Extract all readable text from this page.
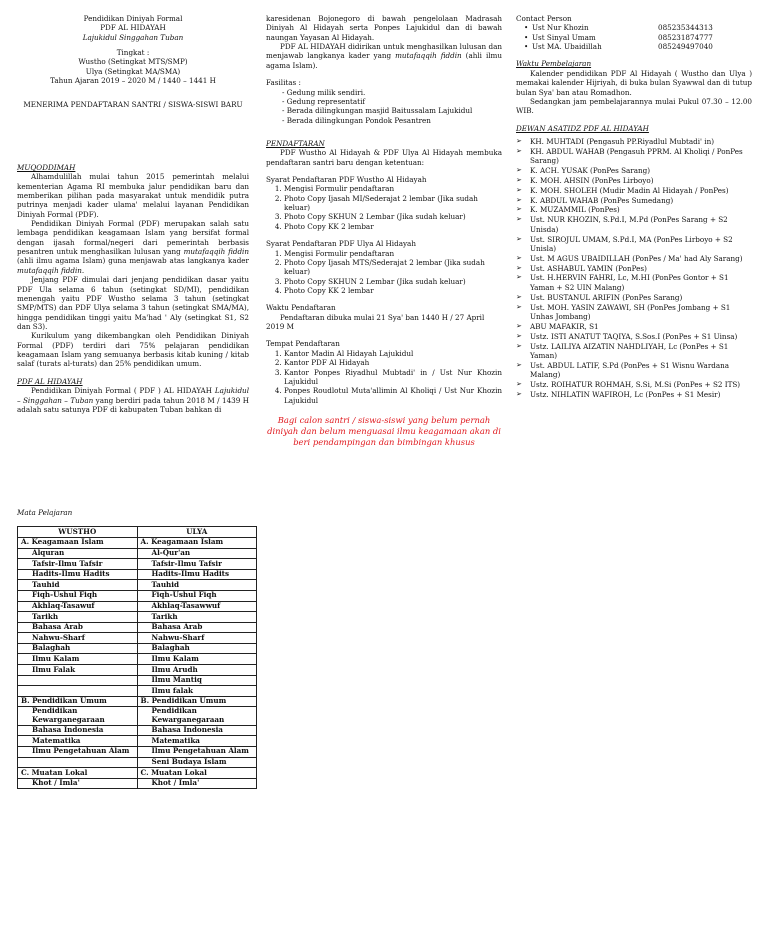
Pendidikan Diniyah Formal
PDF AL HIDAYAH
Lajukidul Singgahan Tuban
Tingkat :
Wustho (Setingkat MTS/SMP)
Ulya (Setingkat MA/SMA)
Tahun Ajaran 2019 – 2020 M / 1440 – 1441 H
MENERIMA PENDAFTARAN SANTRI / SISWA-SISWI BARU
MUQODDIMAH

Alhamdulillah mulai tahun 2015 pemerintah melalui kementerian Agama RI membuka jalur pendidikan baru dan memberikan pilihan pada masyarakat untuk mendidik putra putrinya menjadi kader ulama' melalui layanan Pendidikan Diniyah Formal (PDF).

Pendidikan Diniyah Formal (PDF) merupakan salah satu lembaga pendidikan keagamaan Islam yang bersifat formal dengan ijasah formal/negeri dari pemerintah berbasis pesantren untuk menghasilkan lulusan yang mutafaqqih fiddin (ahli ilmu agama Islam) guna menjawab atas langkanya kader mutafaqqih fiddin.

Jenjang PDF dimulai dari jenjang pendidikan dasar yaitu PDF Ula selama 6 tahun (setingkat SD/MI), pendidikan menengah yaitu PDF Wustho selama 3 tahun (setingkat SMP/MTS) dan PDF Ulya selama 3 tahun (setingkat SMA/MA), hingga pendidikan tinggi yaitu Ma'had ' Aly (setingkat S1, S2 dan S3).

Kurikulum yang dikembangkan oleh Pendidikan Diniyah Formal (PDF) terdiri dari 75% pelajaran pendidikan keagamaan Islam yang semuanya berbasis kitab kuning / kitab salaf (turats al-turats) dan 25% pendidikan umum.

PDF AL HIDAYAH

Pendidikan Diniyah Formal ( PDF ) AL HIDAYAH Lajukidul – Singgahan – Tuban yang berdiri pada tahun 2018 M / 1439 H adalah satu satunya PDF di kabupaten Tuban bahkan di

karesidenan Bojonegoro di bawah pengelolaan Madrasah Diniyah Al Hidayah serta Ponpes Lajukidul dan di bawah naungan Yayasan Al Hidayah.

PDF AL HIDAYAH didirikan untuk menghasilkan lulusan dan menjawab langkanya kader yang mutafaqqih fiddin (ahli ilmu agama Islam).

Fasilitas :
- Gedung milik sendiri.
- Gedung representatif
- Berada dilingkungan masjid Baitussalam Lajukidul
- Berada dilingkungan Pondok Pesantren
PENDAFTARAN

PDF Wustho Al Hidayah & PDF Ulya Al Hidayah membuka pendaftaran santri baru dengan ketentuan:

Syarat Pendaftaran PDF Wustho Al Hidayah
1. Mengisi Formulir pendaftaran
2. Photo Copy Ijasah MI/Sederajat 2 lembar (Jika sudah keluar)
3. Photo Copy SKHUN 2 Lembar (Jika sudah keluar)
4. Photo Copy KK 2 lembar
Syarat Pendaftaran PDF Ulya Al Hidayah
1. Mengisi Formulir pendaftaran
2. Photo Copy Ijasah MTS/Sederajat 2 lembar (Jika sudah keluar)
3. Photo Copy SKHUN 2 Lembar (Jika sudah keluar)
4. Photo Copy KK 2 lembar
Waktu Pendaftaran

Pendaftaran dibuka mulai 21 Sya' ban 1440 H / 27 April 2019 M

Tempat Pendaftaran
1. Kantor Madin Al Hidayah Lajukidul
2. Kantor PDF Al Hidayah
3. Kantor Ponpes Riyadhul Mubtadi' in / Ust Nur Khozin Lajukidul
4. Ponpes Roudlotul Muta'allimin Al Kholiqi / Ust Nur Khozin Lajukidul

Bagi calon santri / siswa-siswi yang belum pernah diniyah dan belum menguasai ilmu keagamaan akan di beri pendampingan dan bimbingan khusus

Contact Person
• Ust Nur Khozin	085235344313
• Ust Sinyal Umam	085231874777
• Ust MA. Ubaidillah	085249497040
Waktu Pembelajaran

Kalender pendidikan PDF Al Hidayah ( Wustho dan Ulya ) memakai kalender Hijriyah, di buka bulan Syawwal dan di tutup bulan Sya' ban atau Romadhon.

Sedangkan jam pembelajarannya mulai Pukul 07.30 – 12.00 WIB.

DEWAN ASATIDZ PDF AL HIDAYAH
➢ KH. MUHTADI (Pengasuh PP.Riyadlul Mubtadi' in)
➢ KH. ABDUL WAHAB (Pengasuh PPRM. Al Kholiqi / PonPes Sarang)
➢ K. ACH. YUSAK (PonPes Sarang)
➢ K. MOH. AHSIN (PonPes Lirboyo)
➢ K. MOH. SHOLEH (Mudir Madin Al Hidayah / PonPes)
➢ K. ABDUL WAHAB (PonPes Sumedang)
➢ K. MUZAMMIL (PonPes)
➢ Ust. NUR KHOZIN, S.Pd.I, M.Pd (PonPes Sarang + S2 Unisda)
➢ Ust. SIROJUL UMAM, S.Pd.I, MA (PonPes Lirboyo + S2 Unisla)
➢ Ust. M AGUS UBAIDILLAH (PonPes / Ma' had Aly Sarang)
➢ Ust. ASHABUL YAMIN (PonPes)
➢ Ust. H.HERVIN FAHRI, Lc, M.HI (PonPes Gontor + S1 Yaman + S2 UIN Malang)
➢ Ust. BUSTANUL ARIFIN (PonPes Sarang)
➢ Ust. MOH. YASIN ZAWAWI, SH (PonPes Jombang + S1 Unhas Jombang)
➢ ABU MAFAKIR, S1
➢ Ustz. ISTI ANATUT TAQIYA, S.Sos.I (PonPes + S1 Uinsa)
➢ Ustz. LAILIYA AIZATIN NAHDLIYAH, Lc (PonPes + S1 Yaman)
➢ Ust. ABDUL LATIF, S.Pd (PonPes + S1 Wisnu Wardana Malang)
➢ Ustz. ROIHATUR ROHMAH, S.Si, M.Si (PonPes + S2 ITS)
➢ Ustz. NIHLATIN WAFIROH, Lc (PonPes + S1 Mesir)
Mata Pelajaran
WUSTHO	ULYA
A. Keagamaan Islam	A. Keagamaan Islam
Alquran	Al-Qur'an
Tafsir-Ilmu Tafsir	Tafsir-Ilmu Tafsir
Hadits-Ilmu Hadits	Hadits-Ilmu Hadits
Tauhid	Tauhid
Fiqh-Ushul Fiqh	Fiqh-Ushul Fiqh
Akhlaq-Tasawuf	Akhlaq-Tasawwuf
Tarikh	Tarikh
Bahasa Arab	Bahasa Arab
Nahwu-Sharf	Nahwu-Sharf
Balaghah	Balaghah
Ilmu Kalam	Ilmu Kalam
Ilmu Falak	Ilmu Arudh
	Ilmu Mantiq
	Ilmu falak
B. Pendidikan Umum	B. Pendidikan Umum
Pendidikan Kewarganegaraan	Pendidikan Kewarganegaraan
Bahasa Indonesia	Bahasa Indonesia
Matematika	Matematika
Ilmu Pengetahuan Alam	Ilmu Pengetahuan Alam
	Seni Budaya Islam
C. Muatan Lokal	C. Muatan Lokal
Khot / Imla'	Khot / Imla'
